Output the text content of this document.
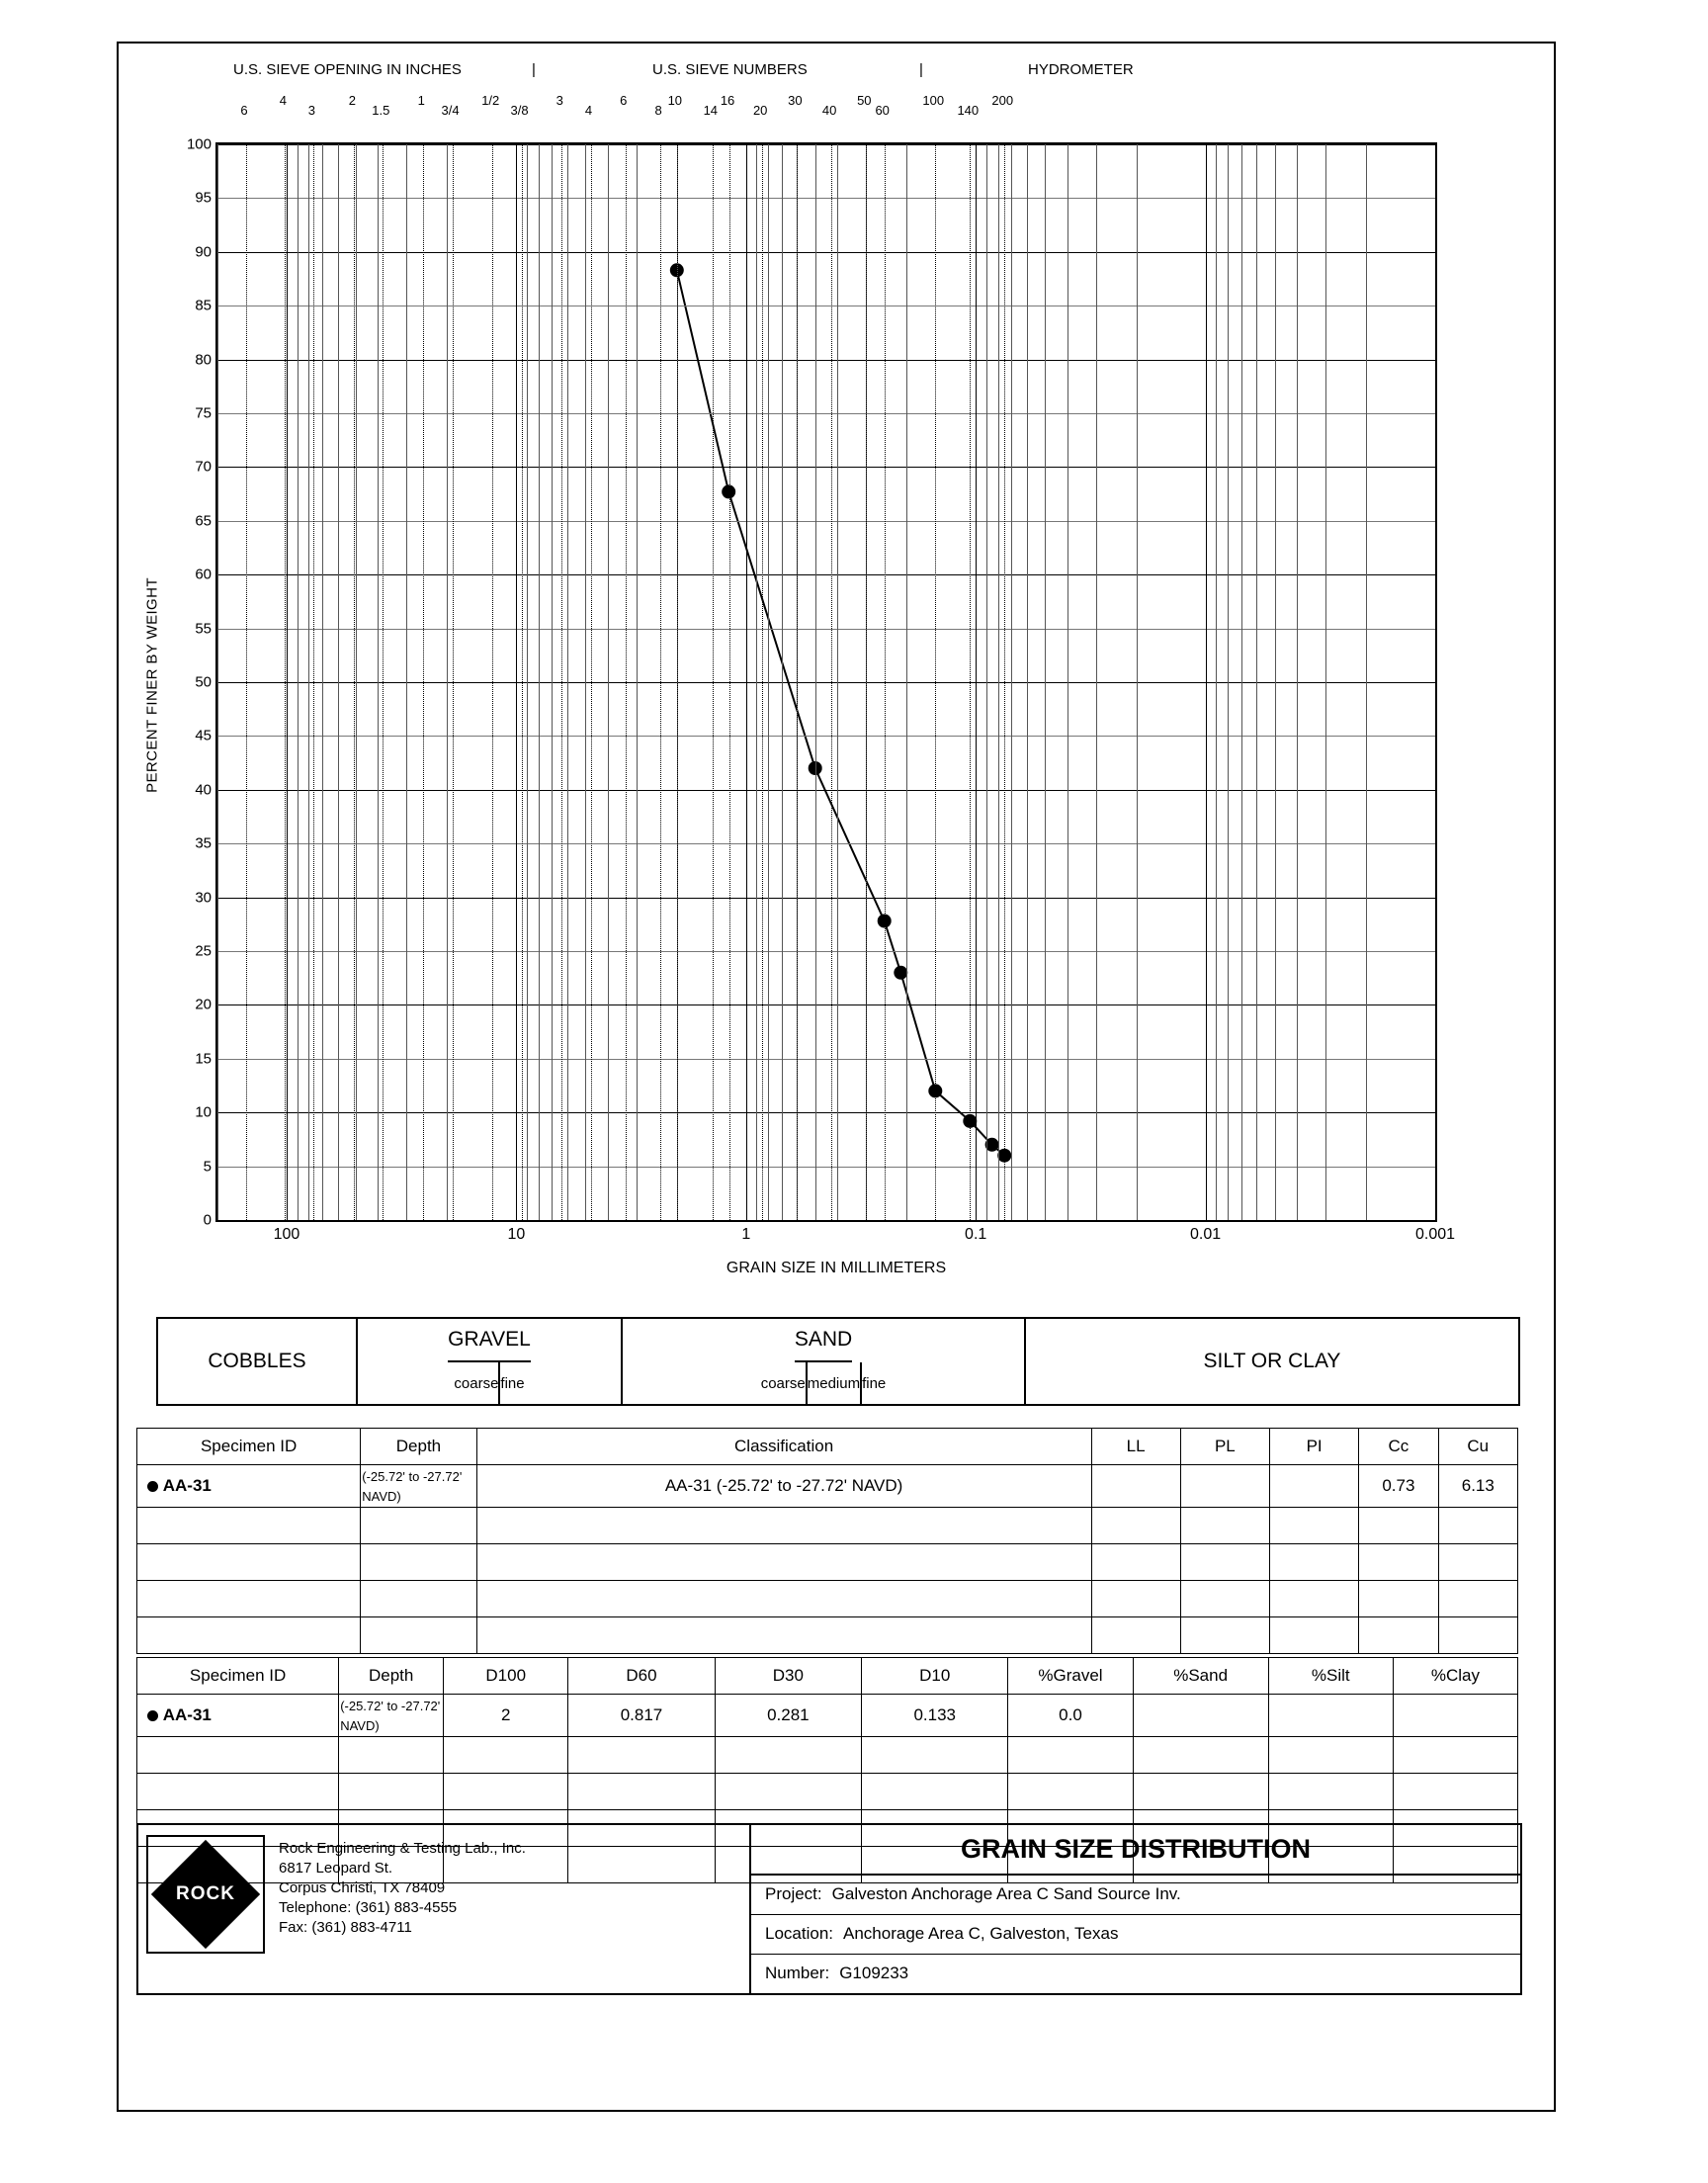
U.S. SIEVE OPENING IN INCHES	|	U.S. SIEVE NUMBERS	|	HYDROMETER
PERCENT FINER BY WEIGHT
GRAIN SIZE IN MILLIMETERS
0
5
10
15
20
25
30
35
40
45
50
55
60
65
70
75
80
85
90
95
100
100	10	1	0.1	0.01	0.001
6
4
3
2
1.5
1
3/4
1/2
3/8
3
4
6
8
10
14
16
20
30
40
50
60
100
140
200
COBBLES
GRAVEL
coarse fine
SAND
coarse medium fine
SILT OR CLAY
Specimen ID	Depth	Classification	LL	PL	PI	Cc	Cu
AA-31	(-25.72' to -27.72' NAVD)	AA-31 (-25.72' to -27.72' NAVD)				0.73	6.13

Specimen ID	Depth	D100	D60	D30	D10	%Gravel	%Sand	%Silt	%Clay
AA-31	(-25.72' to -27.72' NAVD)	2	0.817	0.281	0.133	0.0			

ROCK
Rock Engineering & Testing Lab., Inc.
6817 Leopard St.
Corpus Christi, TX 78409
Telephone: (361) 883-4555
Fax: (361) 883-4711
GRAIN SIZE DISTRIBUTION
Project: Galveston Anchorage Area C Sand Source Inv.
Location: Anchorage Area C, Galveston, Texas
Number: G109233
